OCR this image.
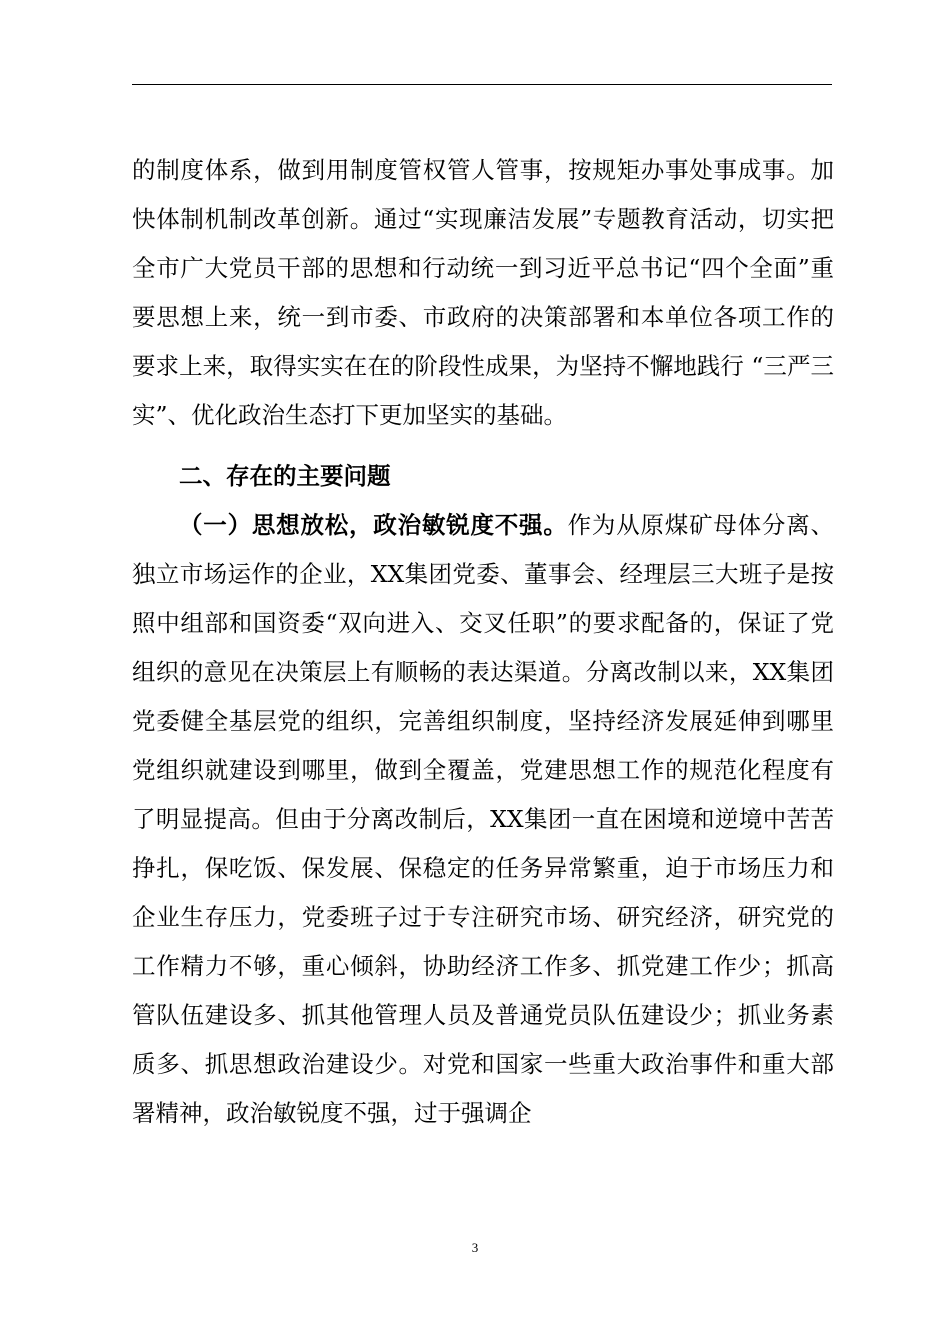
的制度体系，做到用制度管权管人管事，按规矩办事处事成事。加快体制机制改革创新。通过“实现廉洁发展”专题教育活动，切实把全市广大党员干部的思想和行动统一到习近平总书记“四个全面”重要思想上来，统一到市委、市政府的决策部署和本单位各项工作的要求上来，取得实实在在的阶段性成果，为坚持不懈地践行 “三严三实”、优化政治生态打下更加坚实的基础。

二、存在的主要问题

（一）思想放松，政治敏锐度不强。作为从原煤矿母体分离、独立市场运作的企业，XX集团党委、董事会、经理层三大班子是按照中组部和国资委“双向进入、交叉任职”的要求配备的，保证了党组织的意见在决策层上有顺畅的表达渠道。分离改制以来，XX集团党委健全基层党的组织，完善组织制度，坚持经济发展延伸到哪里党组织就建设到哪里，做到全覆盖，党建思想工作的规范化程度有了明显提高。但由于分离改制后，XX集团一直在困境和逆境中苦苦挣扎，保吃饭、保发展、保稳定的任务异常繁重，迫于市场压力和企业生存压力，党委班子过于专注研究市场、研究经济，研究党的工作精力不够，重心倾斜，协助经济工作多、抓党建工作少；抓高管队伍建设多、抓其他管理人员及普通党员队伍建设少；抓业务素质多、抓思想政治建设少。对党和国家一些重大政治事件和重大部署精神，政治敏锐度不强，过于强调企

3
